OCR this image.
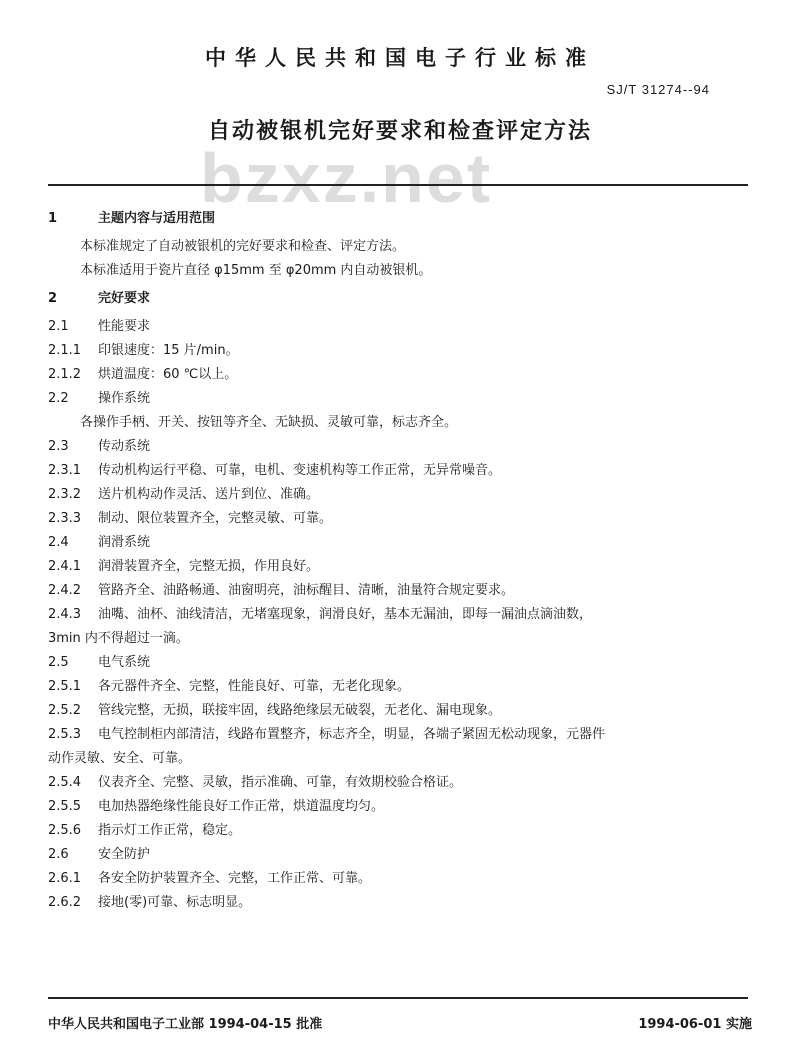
中华人民共和国电子行业标准
SJ/T 31274--94
自动被银机完好要求和检查评定方法
bzxz.net
1	主题内容与适用范围
本标准规定了自动被银机的完好要求和检查、评定方法。
本标准适用于瓷片直径 φ15mm 至 φ20mm 内自动被银机。
2	完好要求
2.1 性能要求
2.1.1 印银速度：15 片/min。
2.1.2 烘道温度：60 ℃以上。
2.2 操作系统
各操作手柄、开关、按钮等齐全、无缺损、灵敏可靠，标志齐全。
2.3 传动系统
2.3.1 传动机构运行平稳、可靠，电机、变速机构等工作正常，无异常噪音。
2.3.2 送片机构动作灵活、送片到位、准确。
2.3.3 制动、限位装置齐全，完整灵敏、可靠。
2.4 润滑系统
2.4.1 润滑装置齐全，完整无损，作用良好。
2.4.2 管路齐全、油路畅通、油窗明亮，油标醒目、清晰，油量符合规定要求。
2.4.3 油嘴、油杯、油线清洁，无堵塞现象，润滑良好，基本无漏油，即每一漏油点滴油数，
3min 内不得超过一滴。
2.5 电气系统
2.5.1 各元器件齐全、完整，性能良好、可靠，无老化现象。
2.5.2 管线完整，无损，联接牢固，线路绝缘层无破裂，无老化、漏电现象。
2.5.3 电气控制柜内部清洁，线路布置整齐，标志齐全，明显，各端子紧固无松动现象，元器件
动作灵敏、安全、可靠。
2.5.4 仪表齐全、完整、灵敏，指示准确、可靠，有效期校验合格证。
2.5.5 电加热器绝缘性能良好工作正常，烘道温度均匀。
2.5.6 指示灯工作正常，稳定。
2.6 安全防护
2.6.1 各安全防护装置齐全、完整，工作正常、可靠。
2.6.2 接地(零)可靠、标志明显。
中华人民共和国电子工业部 1994-04-15 批准	1994-06-01 实施
